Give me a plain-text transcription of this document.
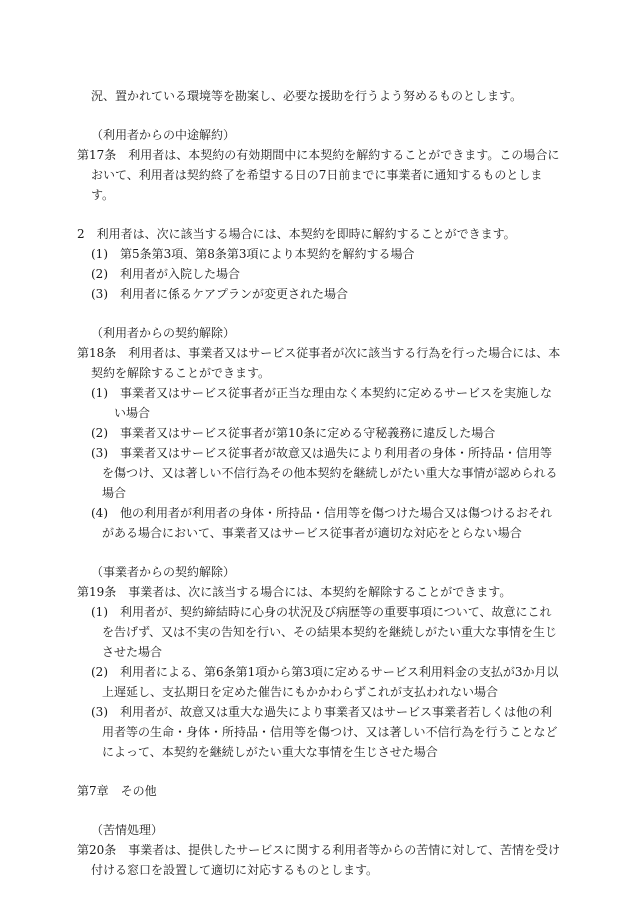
況、置かれている環境等を勘案し、必要な援助を行うよう努めるものとします。
（利用者からの中途解約）
第17条　利用者は、本契約の有効期間中に本契約を解約することができます。この場合に
おいて、利用者は契約終了を希望する日の7日前までに事業者に通知するものとしま
す。
2　利用者は、次に該当する場合には、本契約を即時に解約することができます。
(1)　第5条第3項、第8条第3項により本契約を解約する場合
(2)　利用者が入院した場合
(3)　利用者に係るケアプランが変更された場合
（利用者からの契約解除）
第18条　利用者は、事業者又はサービス従事者が次に該当する行為を行った場合には、本
契約を解除することができます。
(1)　事業者又はサービス従事者が正当な理由なく本契約に定めるサービスを実施しな
い場合
(2)　事業者又はサービス従事者が第10条に定める守秘義務に違反した場合
(3)　事業者又はサービス従事者が故意又は過失により利用者の身体・所持品・信用等
を傷つけ、又は著しい不信行為その他本契約を継続しがたい重大な事情が認められる
場合
(4)　他の利用者が利用者の身体・所持品・信用等を傷つけた場合又は傷つけるおそれ
がある場合において、事業者又はサービス従事者が適切な対応をとらない場合
（事業者からの契約解除）
第19条　事業者は、次に該当する場合には、本契約を解除することができます。
(1)　利用者が、契約締結時に心身の状況及び病歴等の重要事項について、故意にこれ
を告げず、又は不実の告知を行い、その結果本契約を継続しがたい重大な事情を生じ
させた場合
(2)　利用者による、第6条第1項から第3項に定めるサービス利用料金の支払が3か月以
上遅延し、支払期日を定めた催告にもかかわらずこれが支払われない場合
(3)　利用者が、故意又は重大な過失により事業者又はサービス事業者若しくは他の利
用者等の生命・身体・所持品・信用等を傷つけ、又は著しい不信行為を行うことなど
によって、本契約を継続しがたい重大な事情を生じさせた場合
第7章　その他
（苦情処理）
第20条　事業者は、提供したサービスに関する利用者等からの苦情に対して、苦情を受け
付ける窓口を設置して適切に対応するものとします。
